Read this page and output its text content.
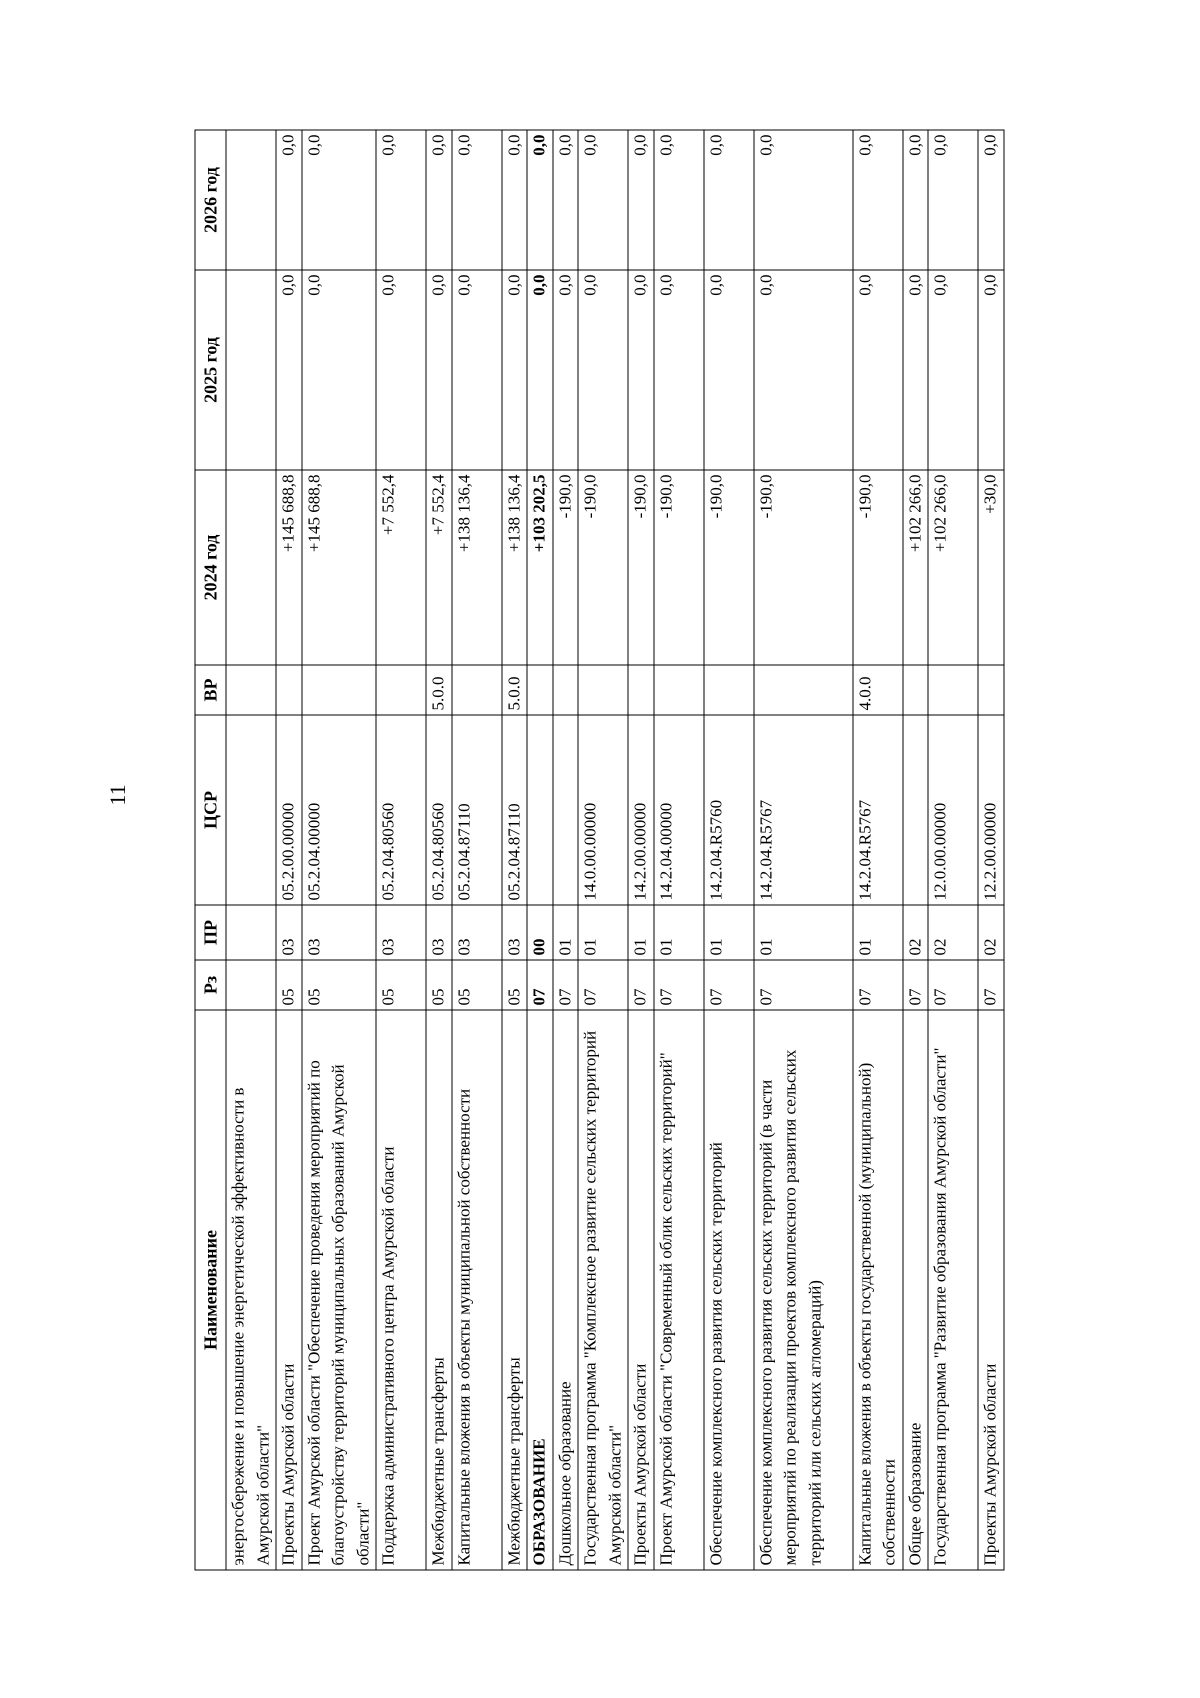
11
Наименование	Рз	ПР	ЦСР	ВР	2024 год	2025 год	2026 год
энергосбережение и повышение энергетической эффективности в Амурской области"							
Проекты Амурской области	05	03	05.2.00.00000		+145 688,8	0,0	0,0
Проект Амурской области "Обеспечение проведения мероприятий по благоустройству территорий муниципальных образований Амурской области"	05	03	05.2.04.00000		+145 688,8	0,0	0,0
Поддержка административного центра Амурской области	05	03	05.2.04.80560		+7 552,4	0,0	0,0
Межбюджетные трансферты	05	03	05.2.04.80560	5.0.0	+7 552,4	0,0	0,0
Капитальные вложения в объекты муниципальной собственности	05	03	05.2.04.87110		+138 136,4	0,0	0,0
Межбюджетные трансферты	05	03	05.2.04.87110	5.0.0	+138 136,4	0,0	0,0
ОБРАЗОВАНИЕ	07	00			+103 202,5	0,0	0,0
Дошкольное образование	07	01			-190,0	0,0	0,0
Государственная программа "Комплексное развитие сельских территорий Амурской области"	07	01	14.0.00.00000		-190,0	0,0	0,0
Проекты Амурской области	07	01	14.2.00.00000		-190,0	0,0	0,0
Проект Амурской области "Современный облик сельских территорий"	07	01	14.2.04.00000		-190,0	0,0	0,0
Обеспечение комплексного развития сельских территорий	07	01	14.2.04.R5760		-190,0	0,0	0,0
Обеспечение комплексного развития сельских территорий (в части мероприятий по реализации проектов комплексного развития сельских территорий или сельских агломераций)	07	01	14.2.04.R5767		-190,0	0,0	0,0
Капитальные вложения в объекты государственной (муниципальной) собственности	07	01	14.2.04.R5767	4.0.0	-190,0	0,0	0,0
Общее образование	07	02			+102 266,0	0,0	0,0
Государственная программа "Развитие образования Амурской области"	07	02	12.0.00.00000		+102 266,0	0,0	0,0
Проекты Амурской области	07	02	12.2.00.00000		+30,0	0,0	0,0
